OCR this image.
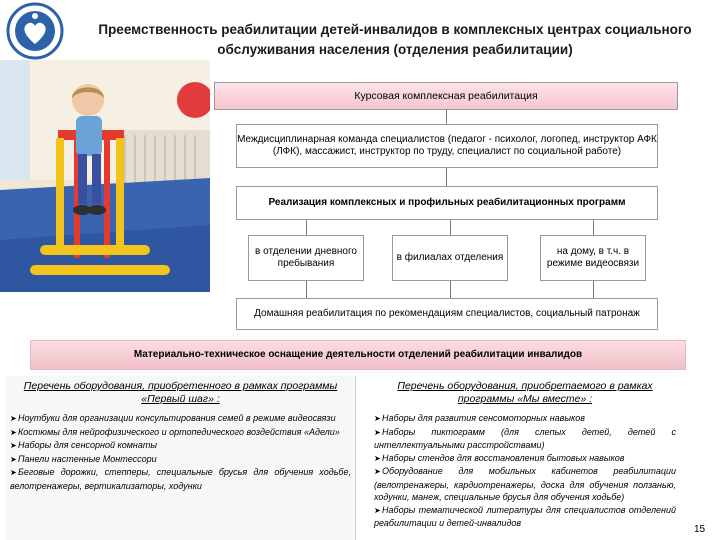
Преемственность реабилитации детей-инвалидов в комплексных центрах социального обслуживания населения (отделения реабилитации)
Курсовая комплексная реабилитация
Междисциплинарная команда специалистов (педагог - психолог, логопед, инструктор АФК (ЛФК), массажист, инструктор по труду, специалист по социальной работе)
Реализация комплексных и профильных реабилитационных программ
в отделении дневного пребывания
в филиалах отделения
на дому, в т.ч. в режиме видеосвязи
Домашняя реабилитация по рекомендациям специалистов, социальный патронаж
Материально-техническое оснащение деятельности отделений реабилитации инвалидов
Перечень оборудования, приобретенного в рамках программы «Первый шаг» :
➤Ноутбуки для организации консультирования семей в режиме видеосвязи
➤Костюмы для нейрофизического и ортопедического воздействия «Адели»
➤Наборы для сенсорной комнаты
➤Панели настенные Монтессори
➤Беговые дорожки, степперы, специальные брусья для обучения ходьбе, велотренажеры, вертикализаторы, ходунки
Перечень оборудования, приобретаемого в рамках программы «Мы вместе» :
➤Наборы для развития сенсомоторных навыков
➤Наборы пиктограмм (для слепых детей, детей с интеллектуальными расстройствами)
➤Наборы стендов для восстановления бытовых навыков
➤Оборудование для мобильных кабинетов реабилитации (велотренажеры, кардиотренажеры, доска для обучения ползанью, ходунки, манеж, специальные брусья для обучения ходьбе)
➤Наборы тематической литературы для специалистов отделений реабилитации и детей-инвалидов
15
